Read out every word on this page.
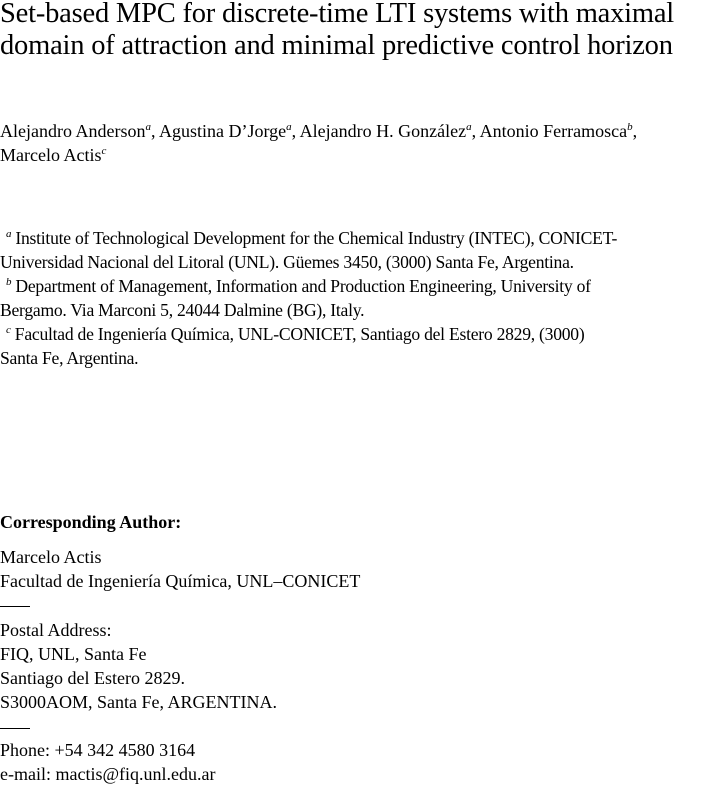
Set-based MPC for discrete-time LTI systems with maximal
domain of attraction and minimal predictive control horizon
Alejandro Anderson$^a$, Agustina D’Jorge$^a$, Alejandro H. González$^a$, Antonio Ferramosca$^b$,
Marcelo Actis$^c$
$^a$ Institute of Technological Development for the Chemical Industry (INTEC), CONICET-
Universidad Nacional del Litoral (UNL). Güemes 3450, (3000) Santa Fe, Argentina.
$^b$ Department of Management, Information and Production Engineering, University of
Bergamo. Via Marconi 5, 24044 Dalmine (BG), Italy.
$^c$ Facultad de Ingeniería Química, UNL-CONICET, Santiago del Estero 2829, (3000)
Santa Fe, Argentina.
Corresponding Author:
Marcelo Actis
Facultad de Ingeniería Química, UNL–CONICET
Postal Address:
FIQ, UNL, Santa Fe
Santiago del Estero 2829.
S3000AOM, Santa Fe, ARGENTINA.
Phone: +54 342 4580 3164
e-mail: mactis@fiq.unl.edu.ar
